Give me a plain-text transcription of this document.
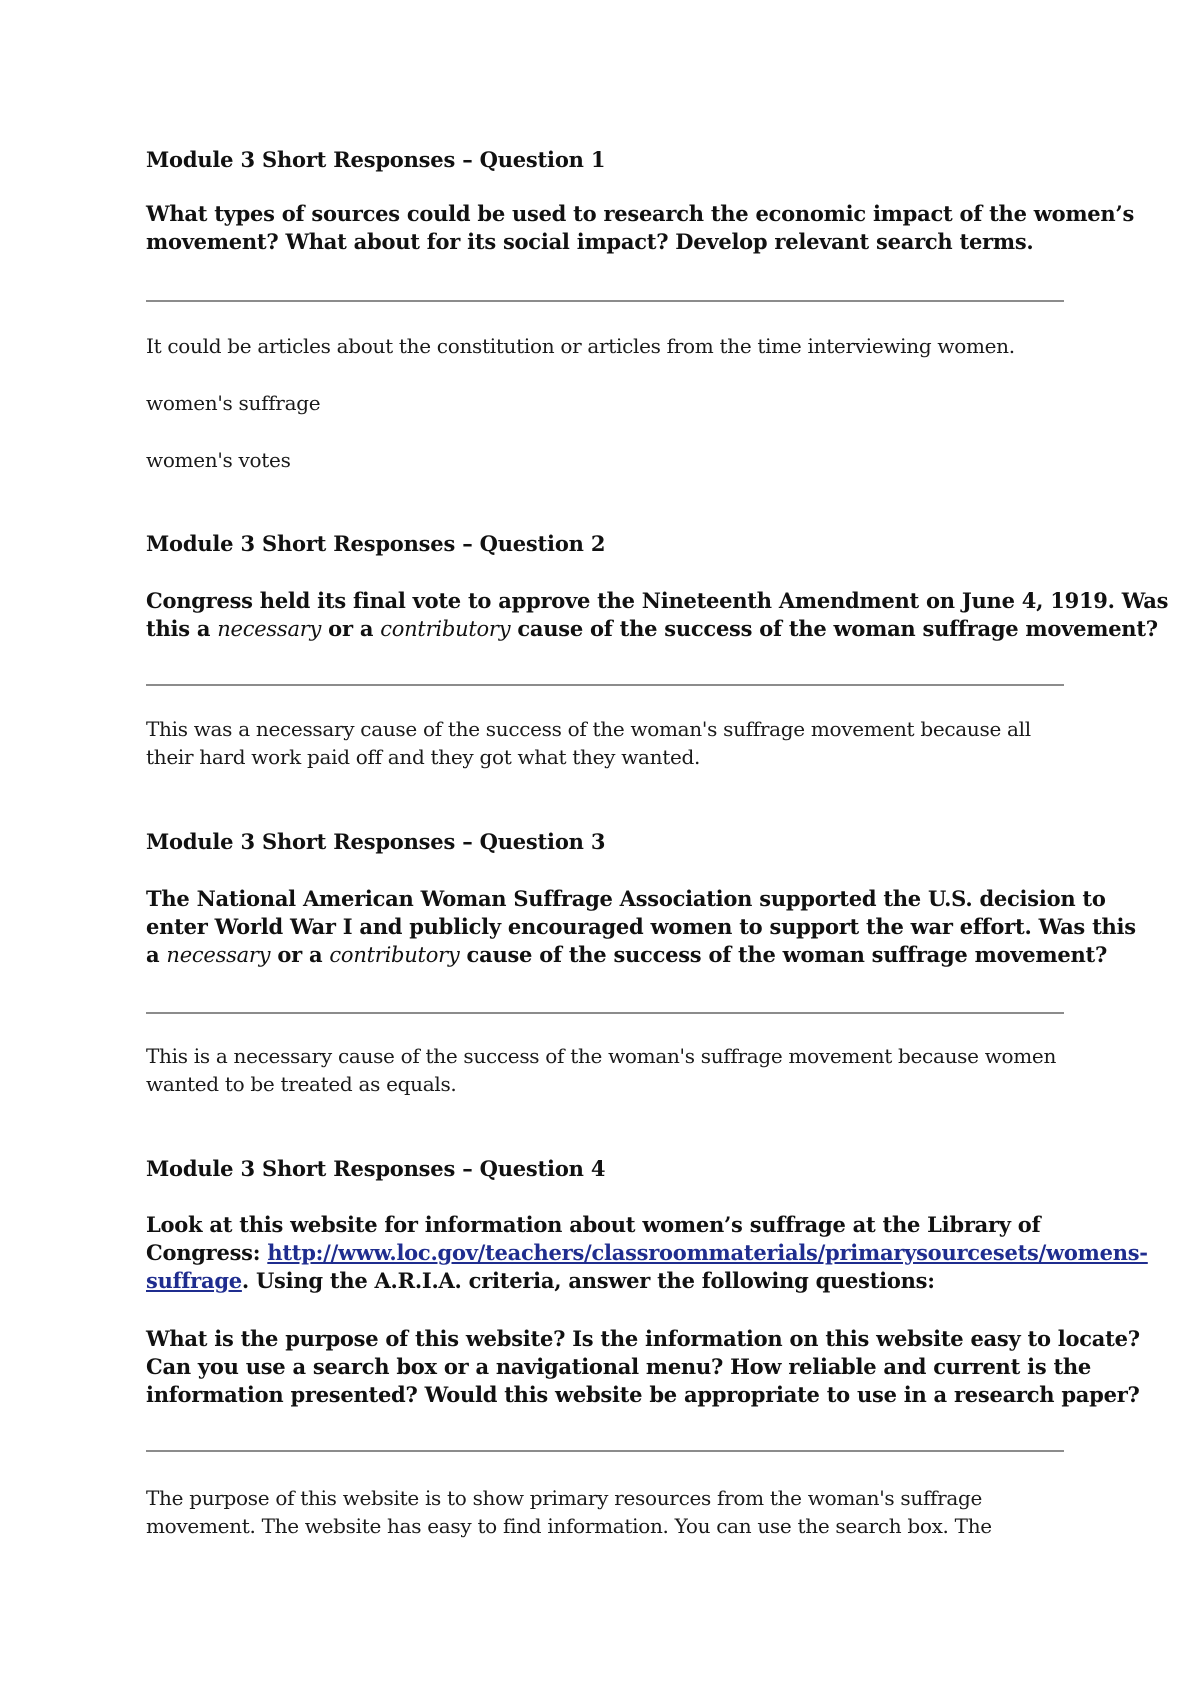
Module 3 Short Responses – Question 1
What types of sources could be used to research the economic impact of the women’s
movement? What about for its social impact? Develop relevant search terms.
It could be articles about the constitution or articles from the time interviewing women.
women's suffrage
women's votes
Module 3 Short Responses – Question 2
Congress held its final vote to approve the Nineteenth Amendment on June 4, 1919. Was
this a necessary or a contributory cause of the success of the woman suffrage movement?
This was a necessary cause of the success of the woman's suffrage movement because all
their hard work paid off and they got what they wanted.
Module 3 Short Responses – Question 3
The National American Woman Suffrage Association supported the U.S. decision to
enter World War I and publicly encouraged women to support the war effort. Was this
a necessary or a contributory cause of the success of the woman suffrage movement?
This is a necessary cause of the success of the woman's suffrage movement because women
wanted to be treated as equals.
Module 3 Short Responses – Question 4
Look at this website for information about women’s suffrage at the Library of
Congress: http://www.loc.gov/teachers/classroommaterials/primarysourcesets/womens-
suffrage. Using the A.R.I.A. criteria, answer the following questions:
What is the purpose of this website? Is the information on this website easy to locate?
Can you use a search box or a navigational menu? How reliable and current is the
information presented? Would this website be appropriate to use in a research paper?
The purpose of this website is to show primary resources from the woman's suffrage
movement. The website has easy to find information. You can use the search box. The
